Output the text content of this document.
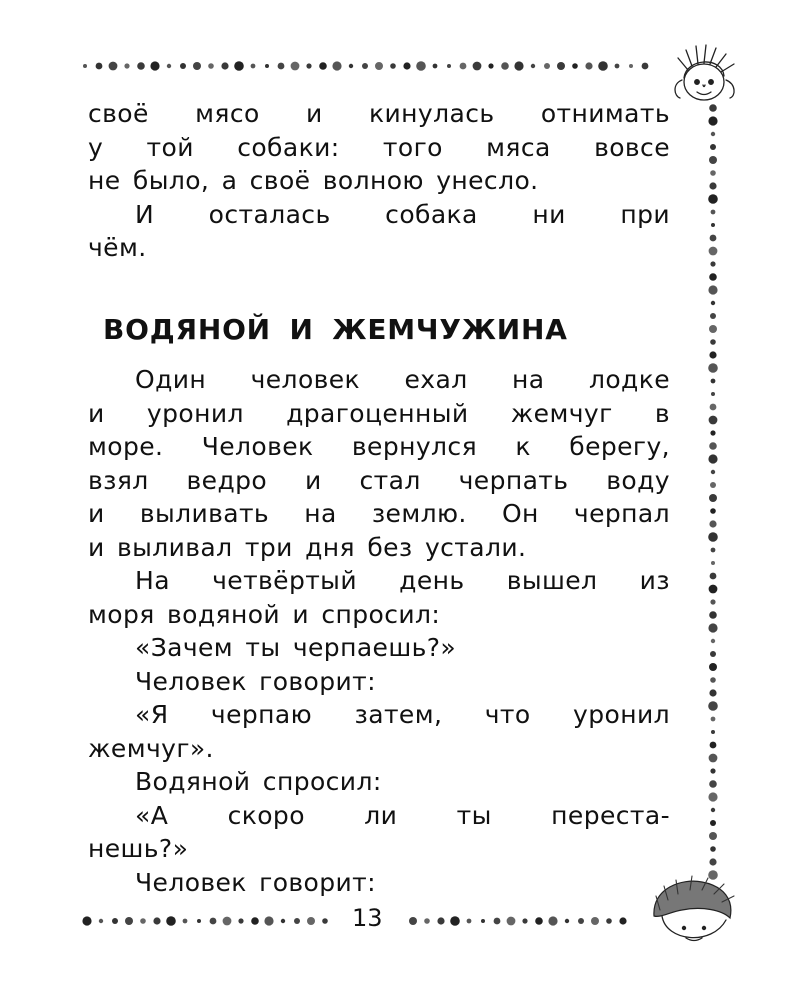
своё мясо и кинулась отнимать
у той собаки: того мяса вовсе
не было, а своё волною унесло.
И осталась собака ни при
чём.
ВОДЯНОЙ И ЖЕМЧУЖИНА
Один человек ехал на лодке
и уронил драгоценный жемчуг в
море. Человек вернулся к берегу,
взял ведро и стал черпать воду
и выливать на землю. Он черпал
и выливал три дня без устали.
На четвёртый день вышел из
моря водяной и спросил:
«Зачем ты черпаешь?»
Человек говорит:
«Я черпаю затем, что уронил
жемчуг».
Водяной спросил:
«А скоро ли ты переста-
нешь?»
Человек говорит:
13
